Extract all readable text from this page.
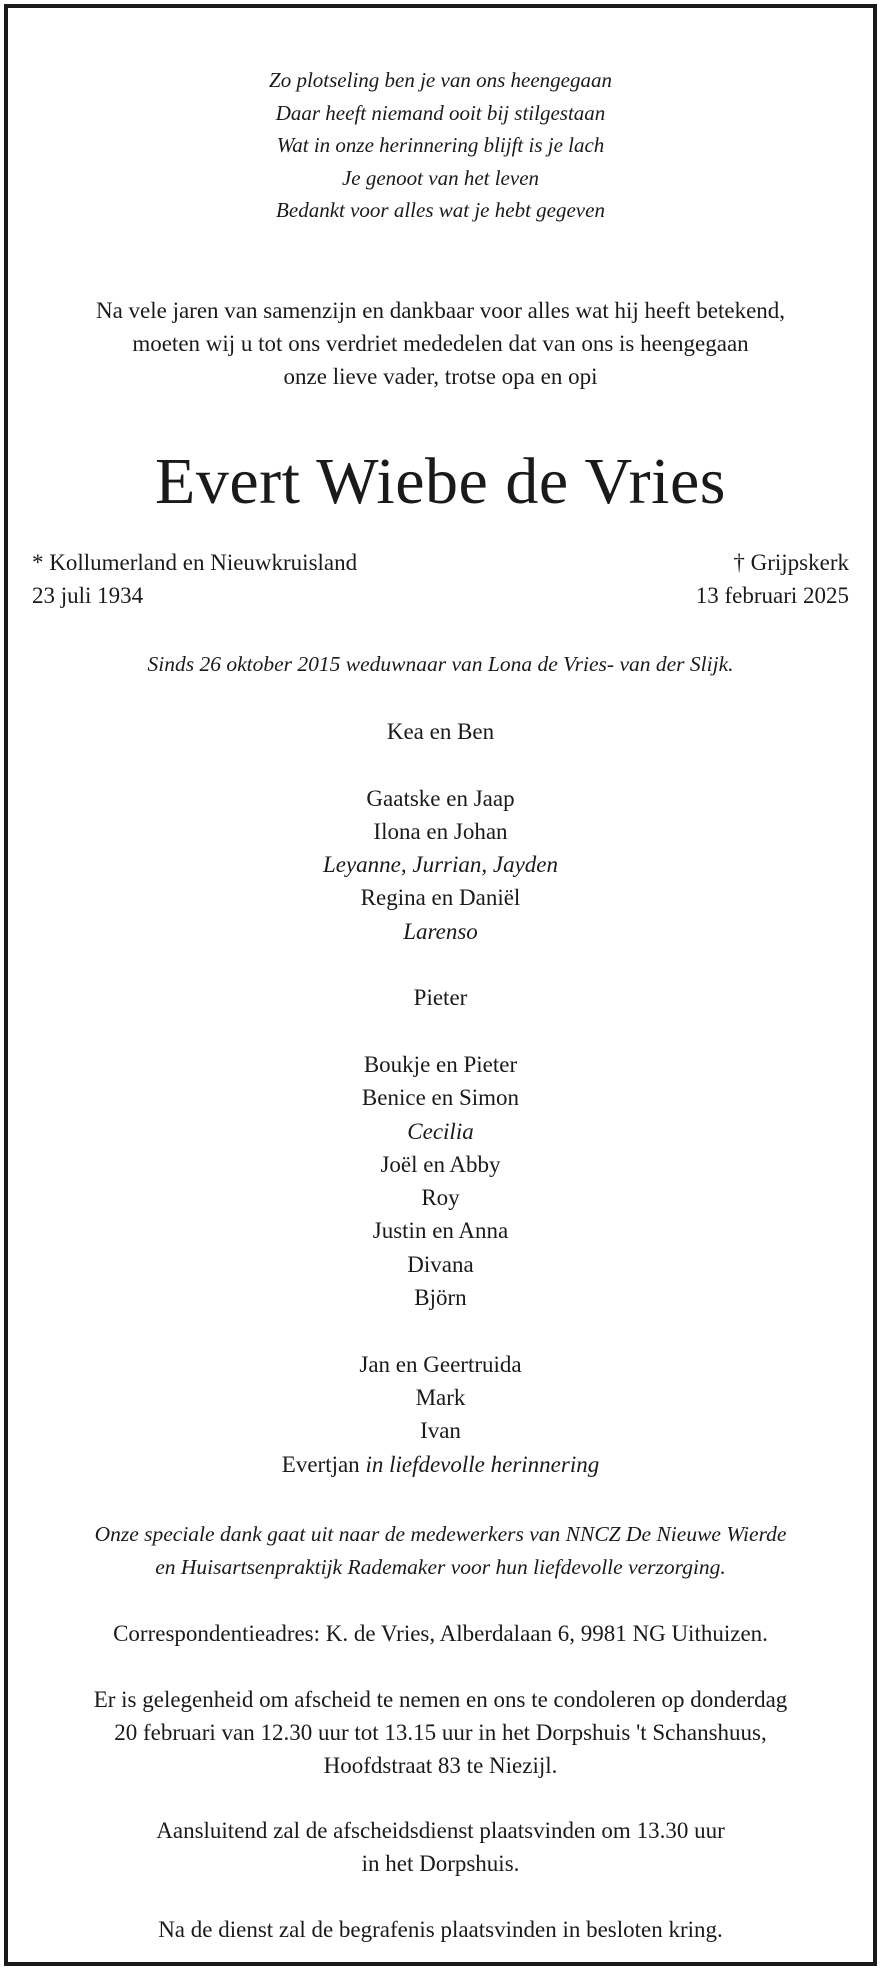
Zo plotseling ben je van ons heengegaan
Daar heeft niemand ooit bij stilgestaan
Wat in onze herinnering blijft is je lach
Je genoot van het leven
Bedankt voor alles wat je hebt gegeven
Na vele jaren van samenzijn en dankbaar voor alles wat hij heeft betekend,
moeten wij u tot ons verdriet mededelen dat van ons is heengegaan
onze lieve vader, trotse opa en opi
Evert Wiebe de Vries
* Kollumerland en Nieuwkruisland
23 juli 1934
† Grijpskerk
13 februari 2025
Sinds 26 oktober 2015 weduwnaar van Lona de Vries- van der Slijk.
Kea en Ben
Gaatske en Jaap
Ilona en Johan
Leyanne, Jurrian, Jayden
Regina en Daniël
Larenso
Pieter
Boukje en Pieter
Benice en Simon
Cecilia
Joël en Abby
Roy
Justin en Anna
Divana
Björn
Jan en Geertruida
Mark
Ivan
Evertjan in liefdevolle herinnering
Onze speciale dank gaat uit naar de medewerkers van NNCZ De Nieuwe Wierde
en Huisartsenpraktijk Rademaker voor hun liefdevolle verzorging.
Correspondentieadres: K. de Vries, Alberdalaan 6, 9981 NG Uithuizen.
Er is gelegenheid om afscheid te nemen en ons te condoleren op donderdag
20 februari van 12.30 uur tot 13.15 uur in het Dorpshuis 't Schanshuus,
Hoofdstraat 83 te Niezijl.
Aansluitend zal de afscheidsdienst plaatsvinden om 13.30 uur
in het Dorpshuis.
Na de dienst zal de begrafenis plaatsvinden in besloten kring.
